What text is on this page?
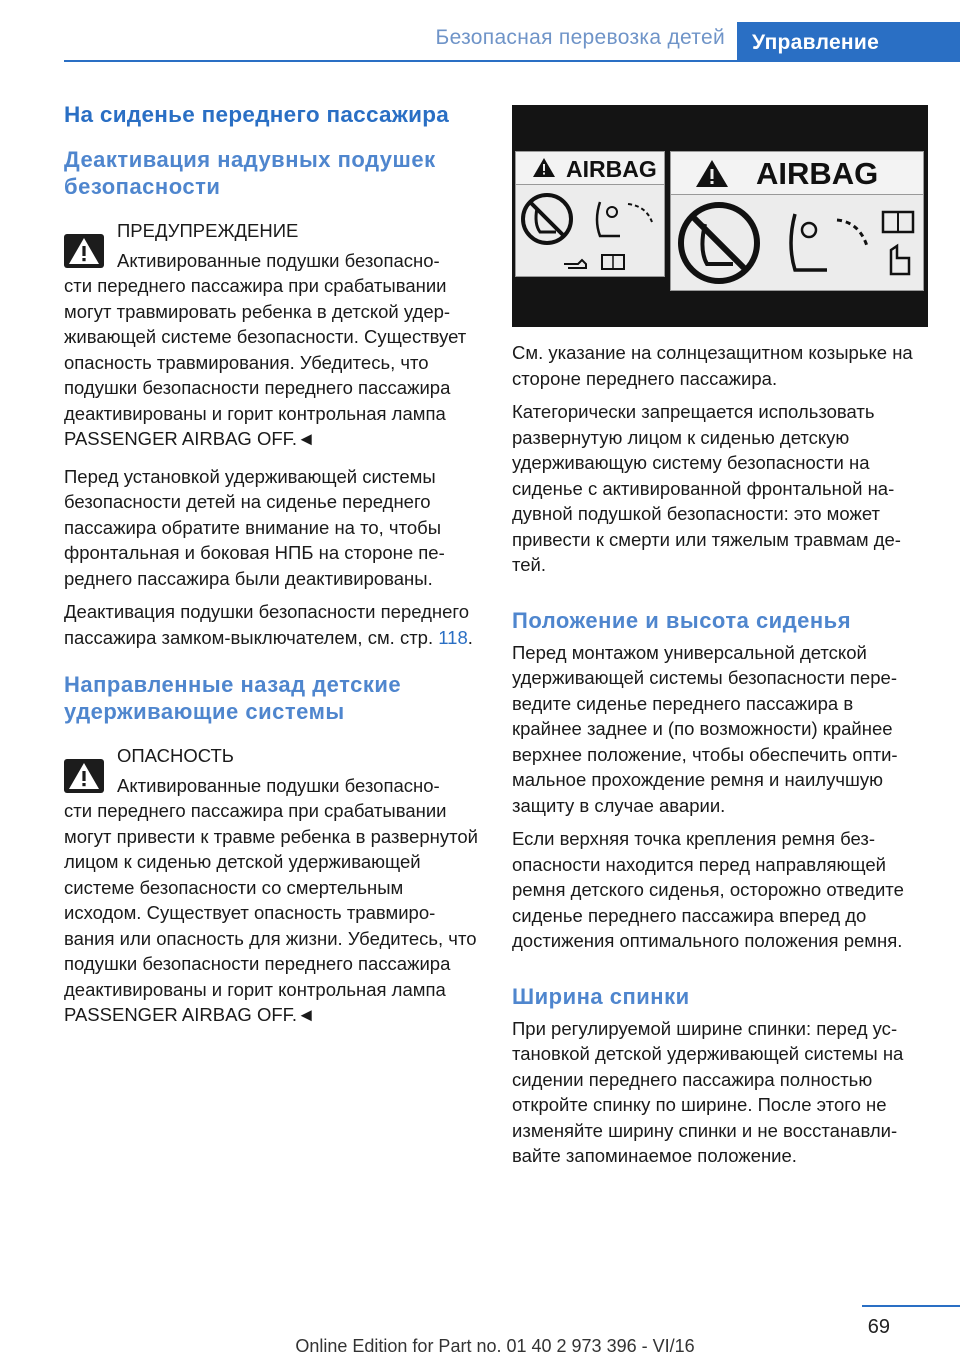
Безопасная перевозка детей	Управление
На сиденье переднего пассажира
Деактивация надувных подушек безопасности

ПРЕДУПРЕЖДЕНИЕ

Активированные подушки безопасно-

сти переднего пассажира при срабатывании могут травмировать ребенка в детской удерживающей системе безопасности. Существует опасность травмирования. Убедитесь, что подушки безопасности переднего пассажира деактивированы и горит контрольная лампа PASSENGER AIRBAG OFF.◄

Перед установкой удерживающей системы безопасности детей на сиденье переднего пассажира обратите внимание на то, чтобы фронтальная и боковая НПБ на стороне переднего пассажира были деактивированы.

Деактивация подушки безопасности переднего пассажира замком-выключателем, см. стр. 118.

Направленные назад детские удерживающие системы

ОПАСНОСТЬ

Активированные подушки безопасно-

сти переднего пассажира при срабатывании могут привести к травме ребенка в развернутой лицом к сиденью детской удерживающей системе безопасности со смертельным исходом. Существует опасность травмирования или опасность для жизни. Убедитесь, что подушки безопасности переднего пассажира деактивированы и горит контрольная лампа PASSENGER AIRBAG OFF.◄

AIRBAG	AIRBAG

См. указание на солнцезащитном козырьке на стороне переднего пассажира.

Категорически запрещается использовать развернутую лицом к сиденью детскую удерживающую систему безопасности на сиденье с активированной фронтальной надувной подушкой безопасности: это может привести к смерти или тяжелым травмам детей.

Положение и высота сиденья

Перед монтажом универсальной детской удерживающей системы безопасности переведите сиденье переднего пассажира в крайнее заднее и (по возможности) крайнее верхнее положение, чтобы обеспечить оптимальное прохождение ремня и наилучшую защиту в случае аварии.

Если верхняя точка крепления ремня безопасности находится перед направляющей ремня детского сиденья, осторожно отведите сиденье переднего пассажира вперед до достижения оптимального положения ремня.

Ширина спинки

При регулируемой ширине спинки: перед установкой детской удерживающей системы на сидении переднего пассажира полностью откройте спинку по ширине. После этого не изменяйте ширину спинки и не восстанавливайте запоминаемое положение.

69
Online Edition for Part no. 01 40 2 973 396 - VI/16
